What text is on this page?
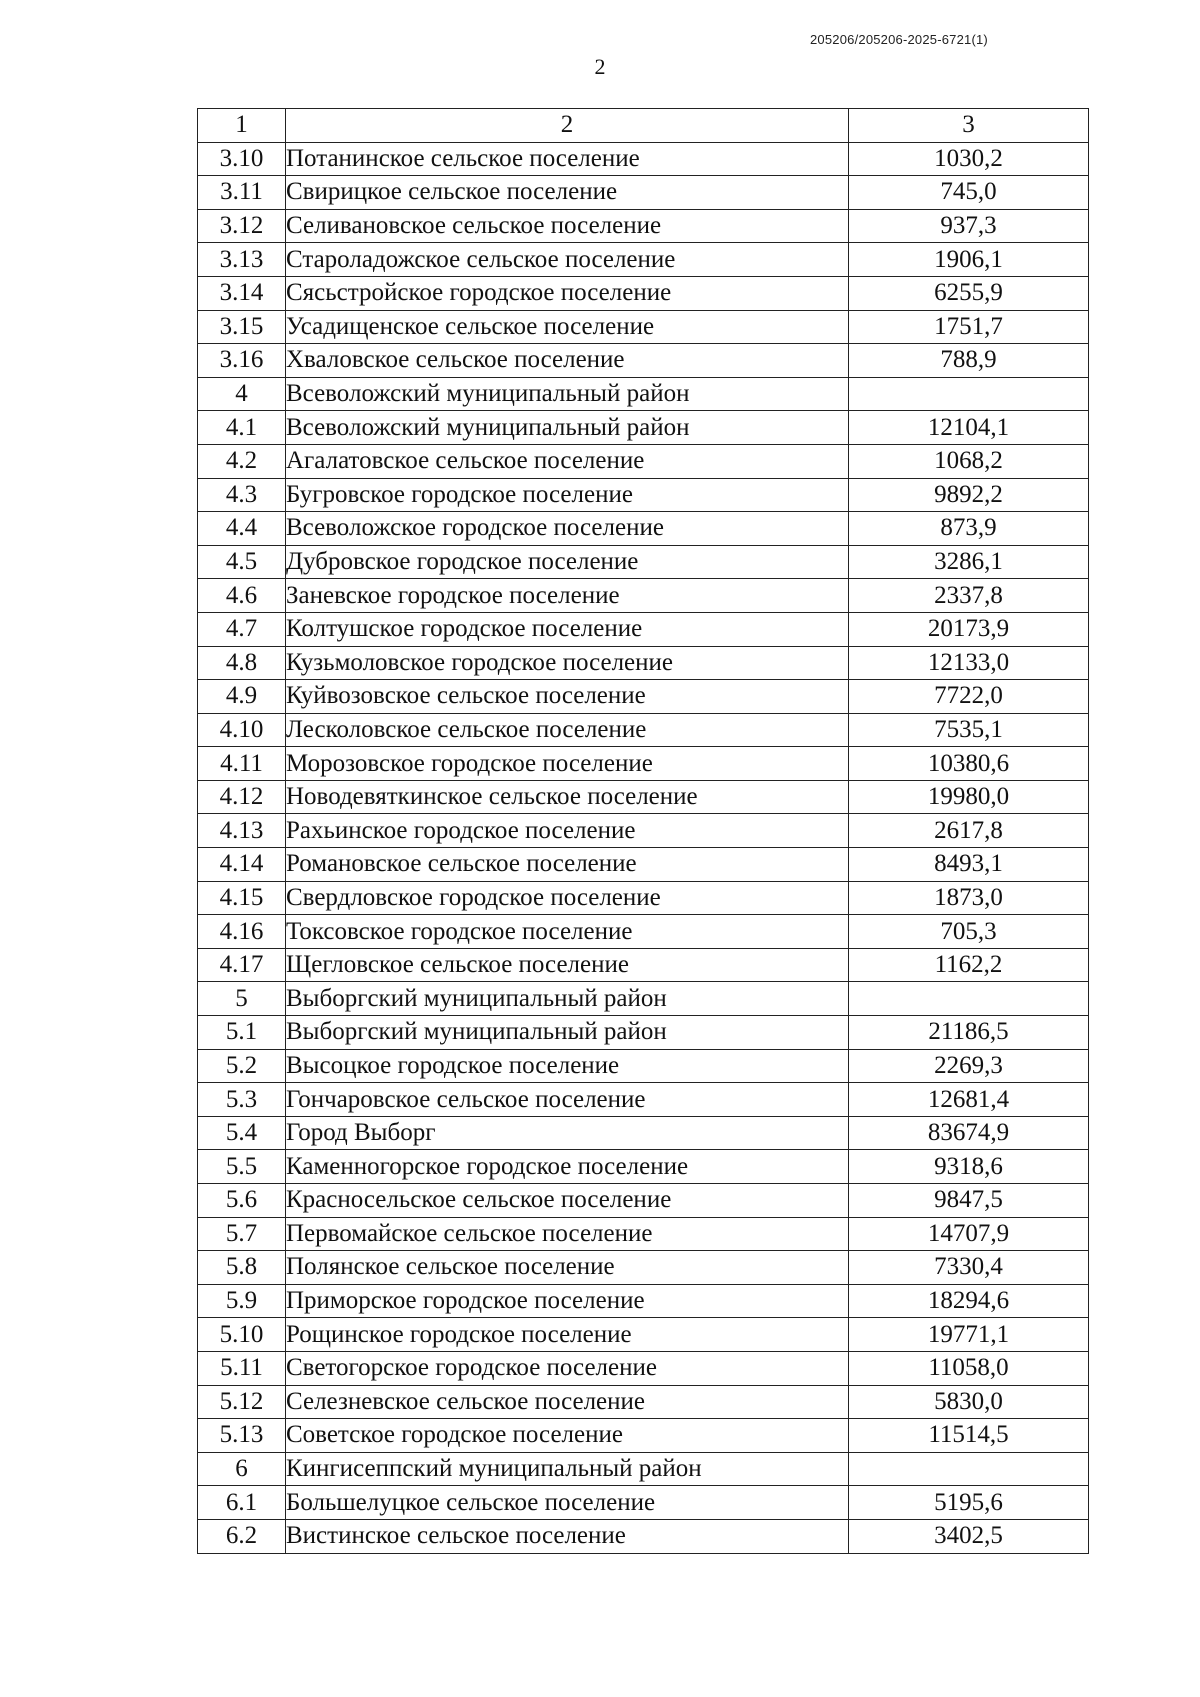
205206/205206-2025-6721(1)
2
1	2	3
3.10	Потанинское сельское поселение	1030,2
3.11	Свирицкое сельское поселение	745,0
3.12	Селивановское сельское поселение	937,3
3.13	Староладожское сельское поселение	1906,1
3.14	Сясьстройское городское поселение	6255,9
3.15	Усадищенское сельское поселение	1751,7
3.16	Хваловское сельское поселение	788,9
4	Всеволожский муниципальный район	
4.1	Всеволожский муниципальный район	12104,1
4.2	Агалатовское сельское поселение	1068,2
4.3	Бугровское городское поселение	9892,2
4.4	Всеволожское городское поселение	873,9
4.5	Дубровское городское поселение	3286,1
4.6	Заневское городское поселение	2337,8
4.7	Колтушское городское поселение	20173,9
4.8	Кузьмоловское городское поселение	12133,0
4.9	Куйвозовское сельское поселение	7722,0
4.10	Лесколовское сельское поселение	7535,1
4.11	Морозовское городское поселение	10380,6
4.12	Новодевяткинское сельское поселение	19980,0
4.13	Рахьинское городское поселение	2617,8
4.14	Романовское сельское поселение	8493,1
4.15	Свердловское городское поселение	1873,0
4.16	Токсовское городское поселение	705,3
4.17	Щегловское сельское поселение	1162,2
5	Выборгский муниципальный район	
5.1	Выборгский муниципальный район	21186,5
5.2	Высоцкое городское поселение	2269,3
5.3	Гончаровское сельское поселение	12681,4
5.4	Город Выборг	83674,9
5.5	Каменногорское городское поселение	9318,6
5.6	Красносельское сельское поселение	9847,5
5.7	Первомайское сельское поселение	14707,9
5.8	Полянское сельское поселение	7330,4
5.9	Приморское городское поселение	18294,6
5.10	Рощинское городское поселение	19771,1
5.11	Светогорское городское поселение	11058,0
5.12	Селезневское сельское поселение	5830,0
5.13	Советское городское поселение	11514,5
6	Кингисеппский муниципальный район	
6.1	Большелуцкое сельское поселение	5195,6
6.2	Вистинское сельское поселение	3402,5
